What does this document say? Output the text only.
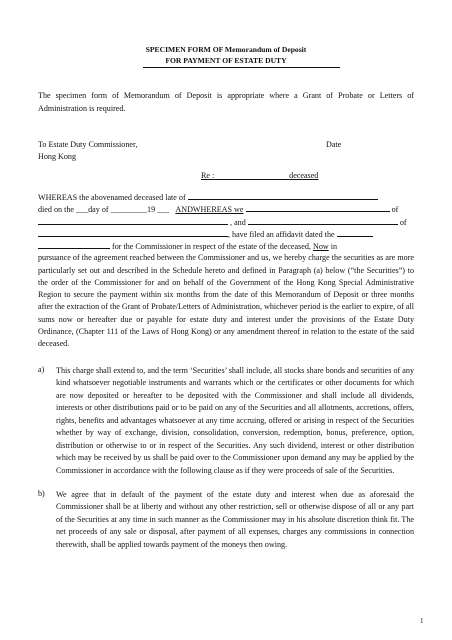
SPECIMEN FORM OF Memorandum of Deposit

FOR PAYMENT OF ESTATE DUTY

The specimen form of Memorandum of Deposit is appropriate where a Grant of Probate or Letters of Administration is required.

To Estate Duty Commissioner,	Date

Hong Kong

Re :	deceased

WHEREAS the abovenamed deceased late of
died on the ___day of _________19 ___ ANDWHEREAS we	of
, and	of
, have filed an affidavit dated the
for the Commissioner in respect of the estate of the deceased, Now in
pursuance of the agreement reached between the Commissioner and us, we hereby charge the securities as are more particularly set out and described in the Schedule hereto and defined in Paragraph (a) below (“the Securities”) to the order of the Commissioner for and on behalf of the Government of the Hong Kong Special Administrative Region to secure the payment within six months from the date of this Memorandum of Deposit or three months after the extraction of the Grant of Probate/Letters of Administration, whichever period is the earlier to expire, of all sums now or hereafter due or payable for estate duty and interest under the provisions of the Estate Duty Ordinance, (Chapter 111 of the Laws of Hong Kong) or any amendment thereof in relation to the estate of the said deceased.

a) This charge shall extend to, and the term ‘Securities’ shall include, all stocks share bonds and securities of any kind whatsoever negotiable instruments and warrants which or the certificates or other documents for which are now deposited or hereafter to be deposited with the Commissioner and shall include all dividends, interests or other distributions paid or to be paid on any of the Securities and all allotments, accretions, offers, rights, benefits and advantages whatsoever at any time accruing, offered or arising in respect of the Securities whether by way of exchange, division, consolidation, conversion, redemption, bonus, preference, option, distribution or otherwise to or in respect of the Securities. Any such dividend, interest or other distribution which may be received by us shall be paid over to the Commissioner upon demand any may be applied by the Commissioner in accordance with the following clause as if they were proceeds of sale of the Securities.

b) We agree that in default of the payment of the estate duty and interest when due as aforesaid the Commissioner shall be at liberty and without any other restriction, sell or otherwise dispose of all or any part of the Securities at any time in such manner as the Commissioner may in his absolute discretion think fit. The net proceeds of any sale or disposal, after payment of all expenses, charges any commissions in connection therewith, shall be applied towards payment of the moneys then owing.

1
